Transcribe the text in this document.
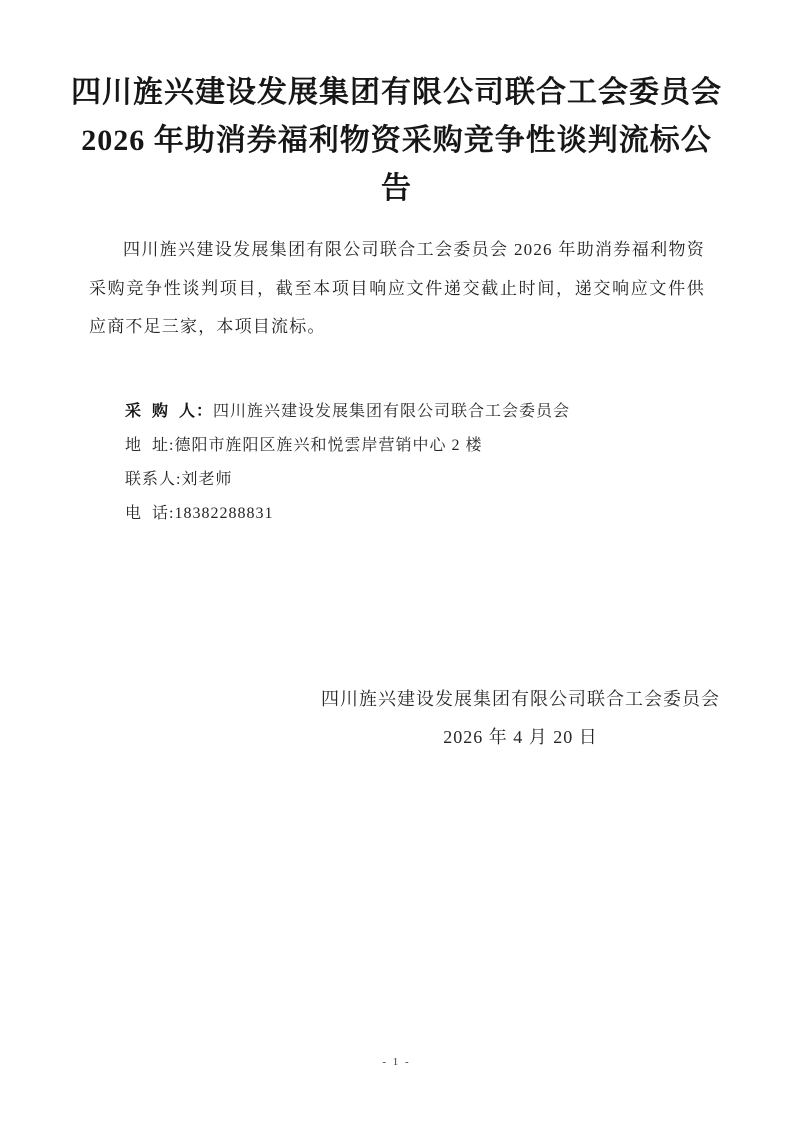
四川旌兴建设发展集团有限公司联合工会委员会
2026 年助消券福利物资采购竞争性谈判流标公
告

四川旌兴建设发展集团有限公司联合工会委员会 2026 年助消券福利物资采购竞争性谈判项目，截至本项目响应文件递交截止时间，递交响应文件供应商不足三家，本项目流标。

采  购  人：四川旌兴建设发展集团有限公司联合工会委员会
地  址:德阳市旌阳区旌兴和悦雲岸营销中心 2 楼
联系人:刘老师
电  话:18382288831
四川旌兴建设发展集团有限公司联合工会委员会
2026 年 4 月 20 日
- 1 -
